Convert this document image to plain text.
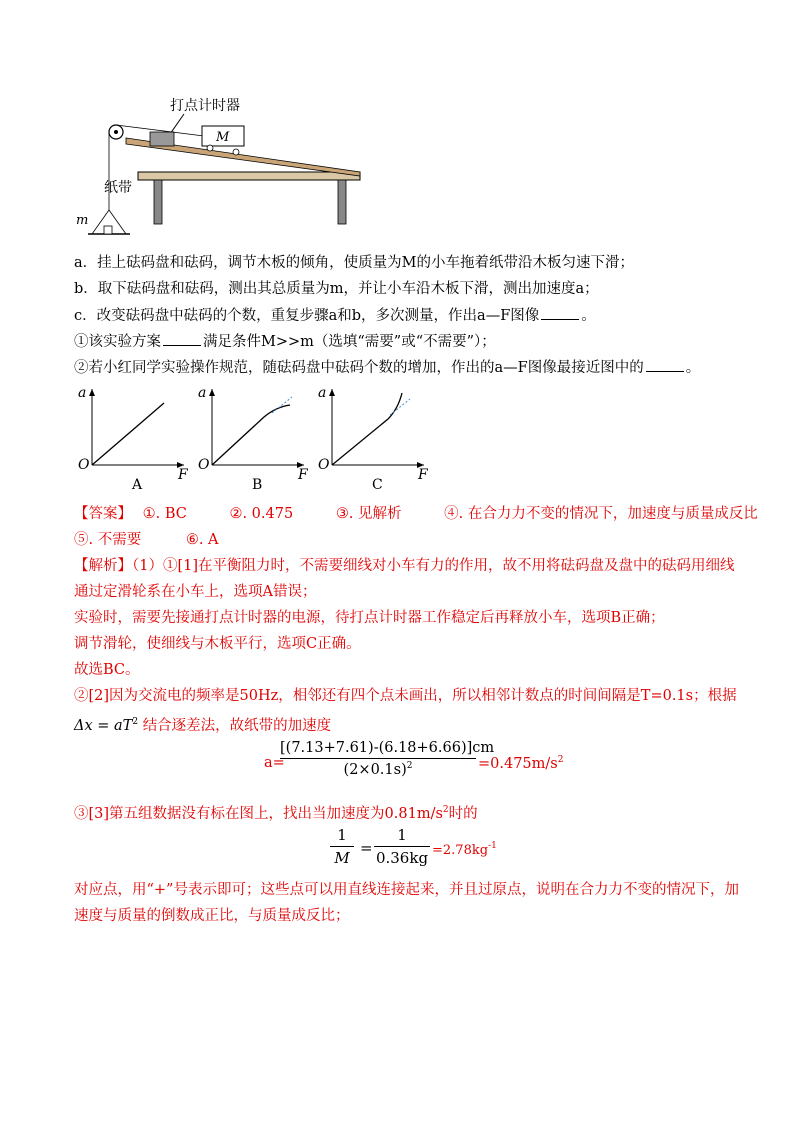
打点计时器
M
纸带
m
a．挂上砝码盘和砝码，调节木板的倾角，使质量为M的小车拖着纸带沿木板匀速下滑；
b．取下砝码盘和砝码，测出其总质量为m，并让小车沿木板下滑，测出加速度a；
c．改变砝码盘中砝码的个数，重复步骤a和b，多次测量，作出a—F图像	。
①该实验方案	满足条件M>>m（选填“需要”或“不需要”）；
②若小红同学实验操作规范，随砝码盘中砝码个数的增加，作出的a—F图像最接近图中的	。
a
O
F
A
a
O
F
B
a
O
F
C
【答案】 ①. BC	②. 0.475	③. 见解析	④. 在合力力不变的情况下，加速度与质量成反比
⑤. 不需要	⑥. A
【解析】（1）①[1]在平衡阻力时，不需要细线对小车有力的作用，故不用将砝码盘及盘中的砝码用细线
通过定滑轮系在小车上，选项A错误；
实验时，需要先接通打点计时器的电源，待打点计时器工作稳定后再释放小车，选项B正确；
调节滑轮，使细线与木板平行，选项C正确。
故选BC。
②[2]因为交流电的频率是50Hz，相邻还有四个点未画出，所以相邻计数点的时间间隔是T=0.1s；根据
$\Delta x = aT^2$ 结合逐差法，故纸带的加速度
a=
[(7.13+7.61)-(6.18+6.66)]cm
$(2\times 0.1s)^2$	$=0.475m/s^2$
③[3]第五组数据没有标在图上，找出当加速度为$0.81m/s^2$时的
1
M
=
1
$0.36kg =2.78kg^{-1}$
对应点，用“+”号表示即可；这些点可以用直线连接起来，并且过原点，说明在合力力不变的情况下，加
速度与质量的倒数成正比，与质量成反比；
